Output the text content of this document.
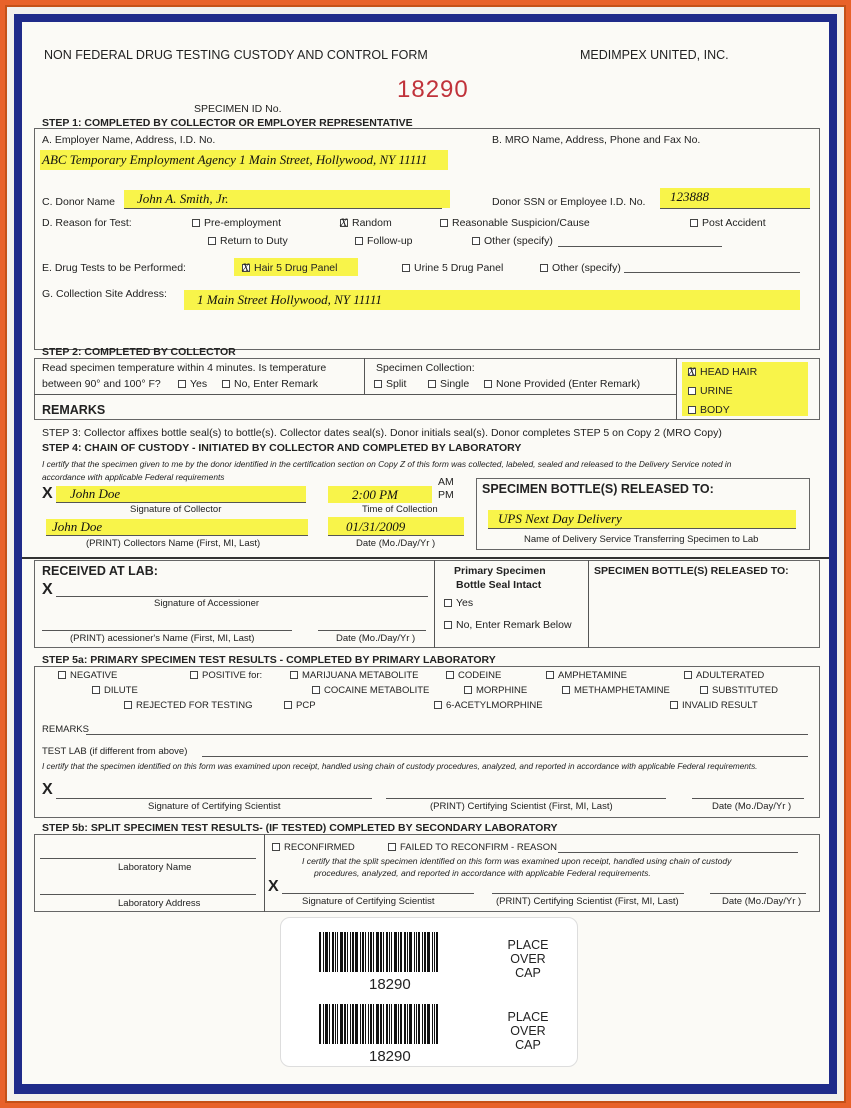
NON FEDERAL DRUG TESTING CUSTODY AND CONTROL FORM	MEDIMPEX UNITED, INC.
18290
SPECIMEN ID No.
STEP 1: COMPLETED BY COLLECTOR OR EMPLOYER REPRESENTATIVE
A. Employer Name, Address, I.D. No.	B. MRO Name, Address, Phone and Fax No.
ABC Temporary Employment Agency 1 Main Street, Hollywood, NY 11111
C. Donor Name John A. Smith, Jr.	Donor SSN or Employee I.D. No. 123888
D. Reason for Test:	Pre-employment X	Random	Reasonable Suspicion/Cause	Post Accident
Return to Duty	Follow-up	Other (specify)
E. Drug Tests to be Performed: X	Hair 5 Drug Panel	Urine 5 Drug Panel	Other (specify)
G. Collection Site Address: 1 Main Street Hollywood, NY 11111
STEP 2: COMPLETED BY COLLECTOR
Read specimen temperature within 4 minutes. Is temperature
between 90° and 100° F?	Yes	No, Enter Remark
Specimen Collection:
Split	Single	None Provided (Enter Remark)
XHEAD HAIR
URINE
BODY
REMARKS
STEP 3: Collector affixes bottle seal(s) to bottle(s). Collector dates seal(s). Donor initials seal(s). Donor completes STEP 5 on Copy 2 (MRO Copy)
STEP 4: CHAIN OF CUSTODY - INITIATED BY COLLECTOR AND COMPLETED BY LABORATORY
I certify that the specimen given to me by the donor identified in the certification section on Copy Z of this form was collected, labeled, sealed and released to the Delivery Service noted in
accordance with applicable Federal requirements
X John Doe
Signature of Collector
2:00 PM
AM
PM
Time of Collection
John Doe
(PRINT) Collectors Name (First, MI, Last)
01/31/2009
Date (Mo./Day/Yr )
SPECIMEN BOTTLE(S) RELEASED TO:
UPS Next Day Delivery
Name of Delivery Service Transferring Specimen to Lab
RECEIVED AT LAB:
X
Signature of Accessioner
(PRINT) acessioner's Name (First, MI, Last)	Date (Mo./Day/Yr )
Primary Specimen
Bottle Seal Intact
Yes
No, Enter Remark Below
SPECIMEN BOTTLE(S) RELEASED TO:
STEP 5a: PRIMARY SPECIMEN TEST RESULTS - COMPLETED BY PRIMARY LABORATORY
NEGATIVE	POSITIVE for:	MARIJUANA METABOLITE	CODEINE	AMPHETAMINE	ADULTERATED
DILUTE	COCAINE METABOLITE	MORPHINE	METHAMPHETAMINE	SUBSTITUTED
REJECTED FOR TESTING	PCP	6-ACETYLMORPHINE	INVALID RESULT
REMARKS
TEST LAB (if different from above)
I certify that the specimen identified on this form was examined upon receipt, handled using chain of custody procedures, analyzed, and reported in accordance with applicable Federal requirements.
X
Signature of Certifying Scientist	(PRINT) Certifying Scientist (First, MI, Last)	Date (Mo./Day/Yr )
STEP 5b: SPLIT SPECIMEN TEST RESULTS- (IF TESTED) COMPLETED BY SECONDARY LABORATORY
Laboratory Name
Laboratory Address
RECONFIRMED	FAILED TO RECONFIRM - REASON
I certify that the split specimen identified on this form was examined upon receipt, handled using chain of custody
procedures, analyzed, and reported in accordance with applicable Federal requirements.
X
Signature of Certifying Scientist	(PRINT) Certifying Scientist (First, MI, Last)	Date (Mo./Day/Yr )
18290
PLACE
OVER
CAP
18290
PLACE
OVER
CAP
